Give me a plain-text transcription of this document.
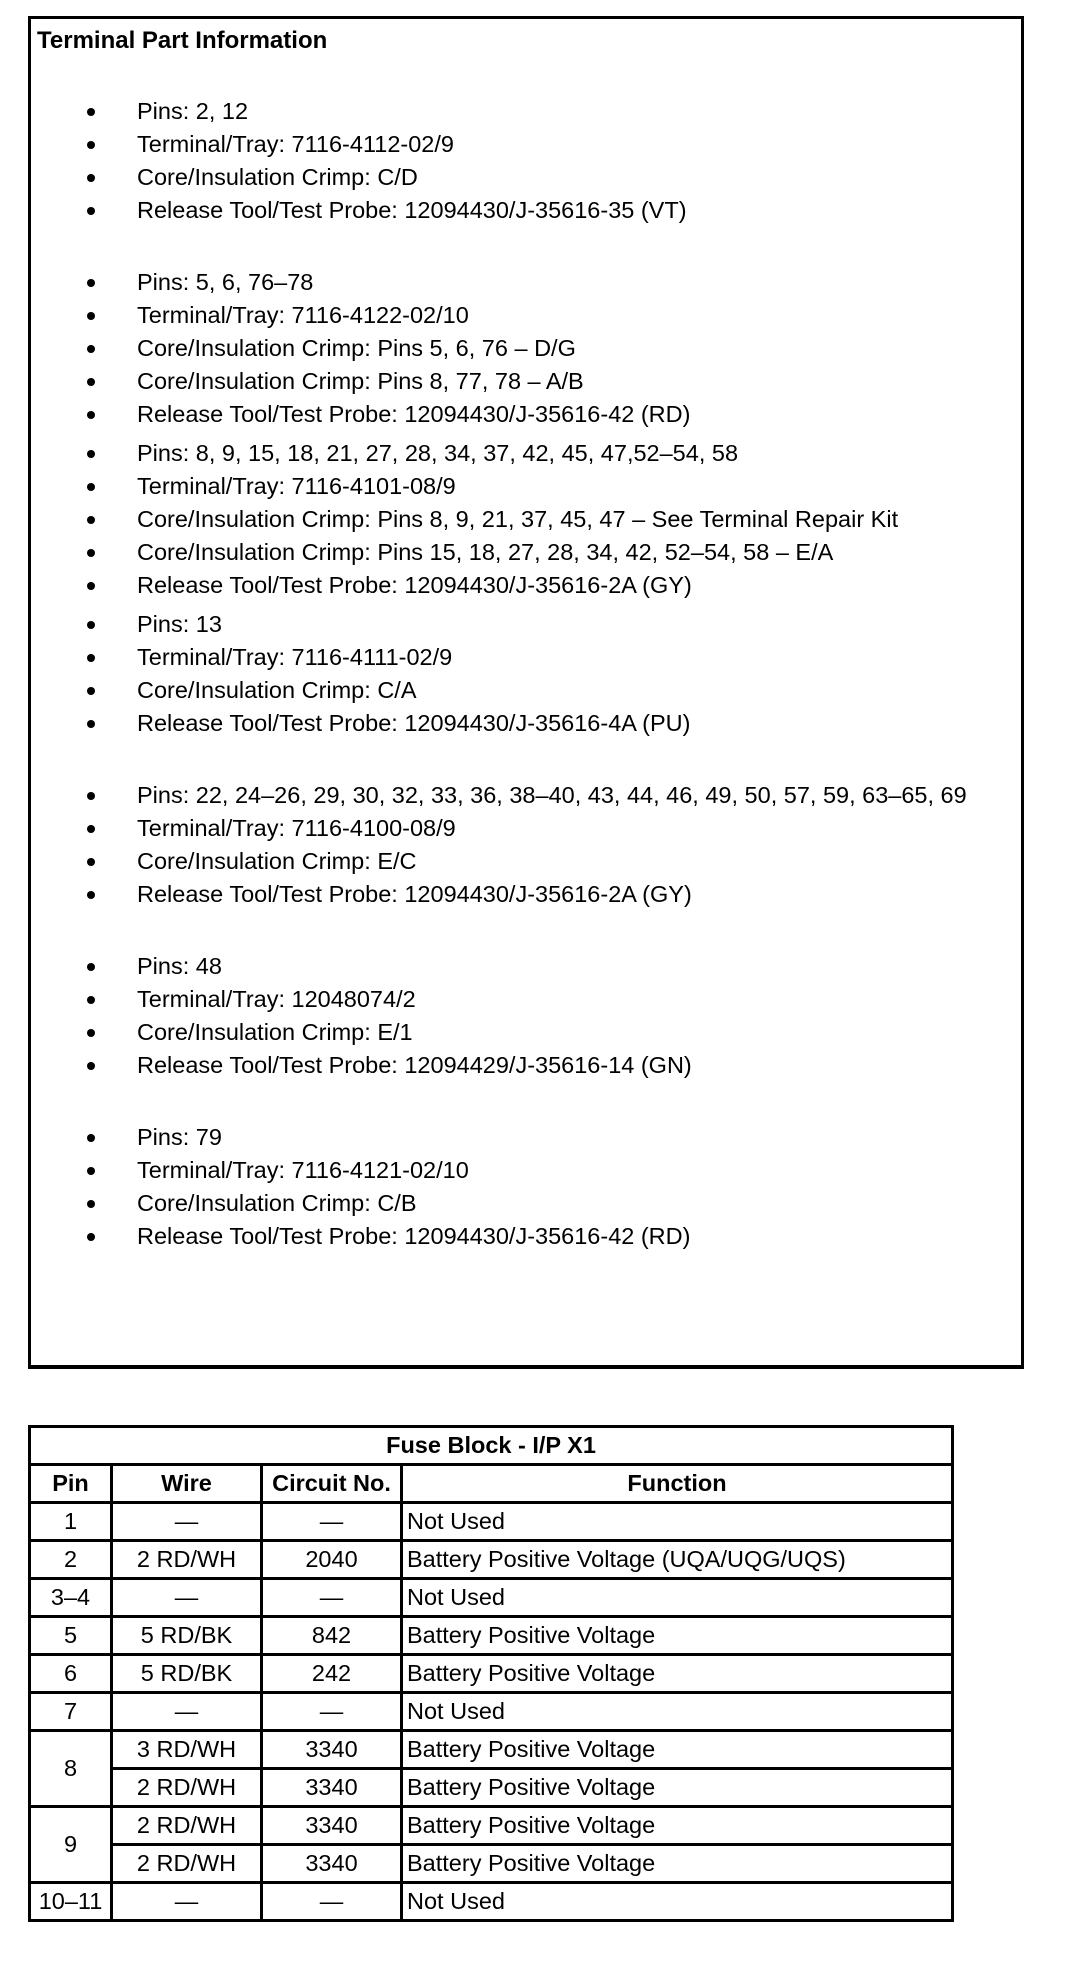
Terminal Part Information
Pins: 2, 12
Terminal/Tray: 7116-4112-02/9
Core/Insulation Crimp: C/D
Release Tool/Test Probe: 12094430/J-35616-35 (VT)
Pins: 5, 6, 76–78
Terminal/Tray: 7116-4122-02/10
Core/Insulation Crimp: Pins 5, 6, 76 – D/G
Core/Insulation Crimp: Pins 8, 77, 78 – A/B
Release Tool/Test Probe: 12094430/J-35616-42 (RD)
Pins: 8, 9, 15, 18, 21, 27, 28, 34, 37, 42, 45, 47,52–54, 58
Terminal/Tray: 7116-4101-08/9
Core/Insulation Crimp: Pins 8, 9, 21, 37, 45, 47 – See Terminal Repair Kit
Core/Insulation Crimp: Pins 15, 18, 27, 28, 34, 42, 52–54, 58 – E/A
Release Tool/Test Probe: 12094430/J-35616-2A (GY)
Pins: 13
Terminal/Tray: 7116-4111-02/9
Core/Insulation Crimp: C/A
Release Tool/Test Probe: 12094430/J-35616-4A (PU)
Pins: 22, 24–26, 29, 30, 32, 33, 36, 38–40, 43, 44, 46, 49, 50, 57, 59, 63–65, 69
Terminal/Tray: 7116-4100-08/9
Core/Insulation Crimp: E/C
Release Tool/Test Probe: 12094430/J-35616-2A (GY)
Pins: 48
Terminal/Tray: 12048074/2
Core/Insulation Crimp: E/1
Release Tool/Test Probe: 12094429/J-35616-14 (GN)
Pins: 79
Terminal/Tray: 7116-4121-02/10
Core/Insulation Crimp: C/B
Release Tool/Test Probe: 12094430/J-35616-42 (RD)
Fuse Block - I/P X1			
Pin	Wire	Circuit No.	Function
1	—	—	Not Used
2	2 RD/WH	2040	Battery Positive Voltage (UQA/UQG/UQS)
3–4	—	—	Not Used
5	5 RD/BK	842	Battery Positive Voltage
6	5 RD/BK	242	Battery Positive Voltage
7	—	—	Not Used
8	3 RD/WH	3340	Battery Positive Voltage
	2 RD/WH	3340	Battery Positive Voltage
9	2 RD/WH	3340	Battery Positive Voltage
	2 RD/WH	3340	Battery Positive Voltage
10–11	—	—	Not Used
